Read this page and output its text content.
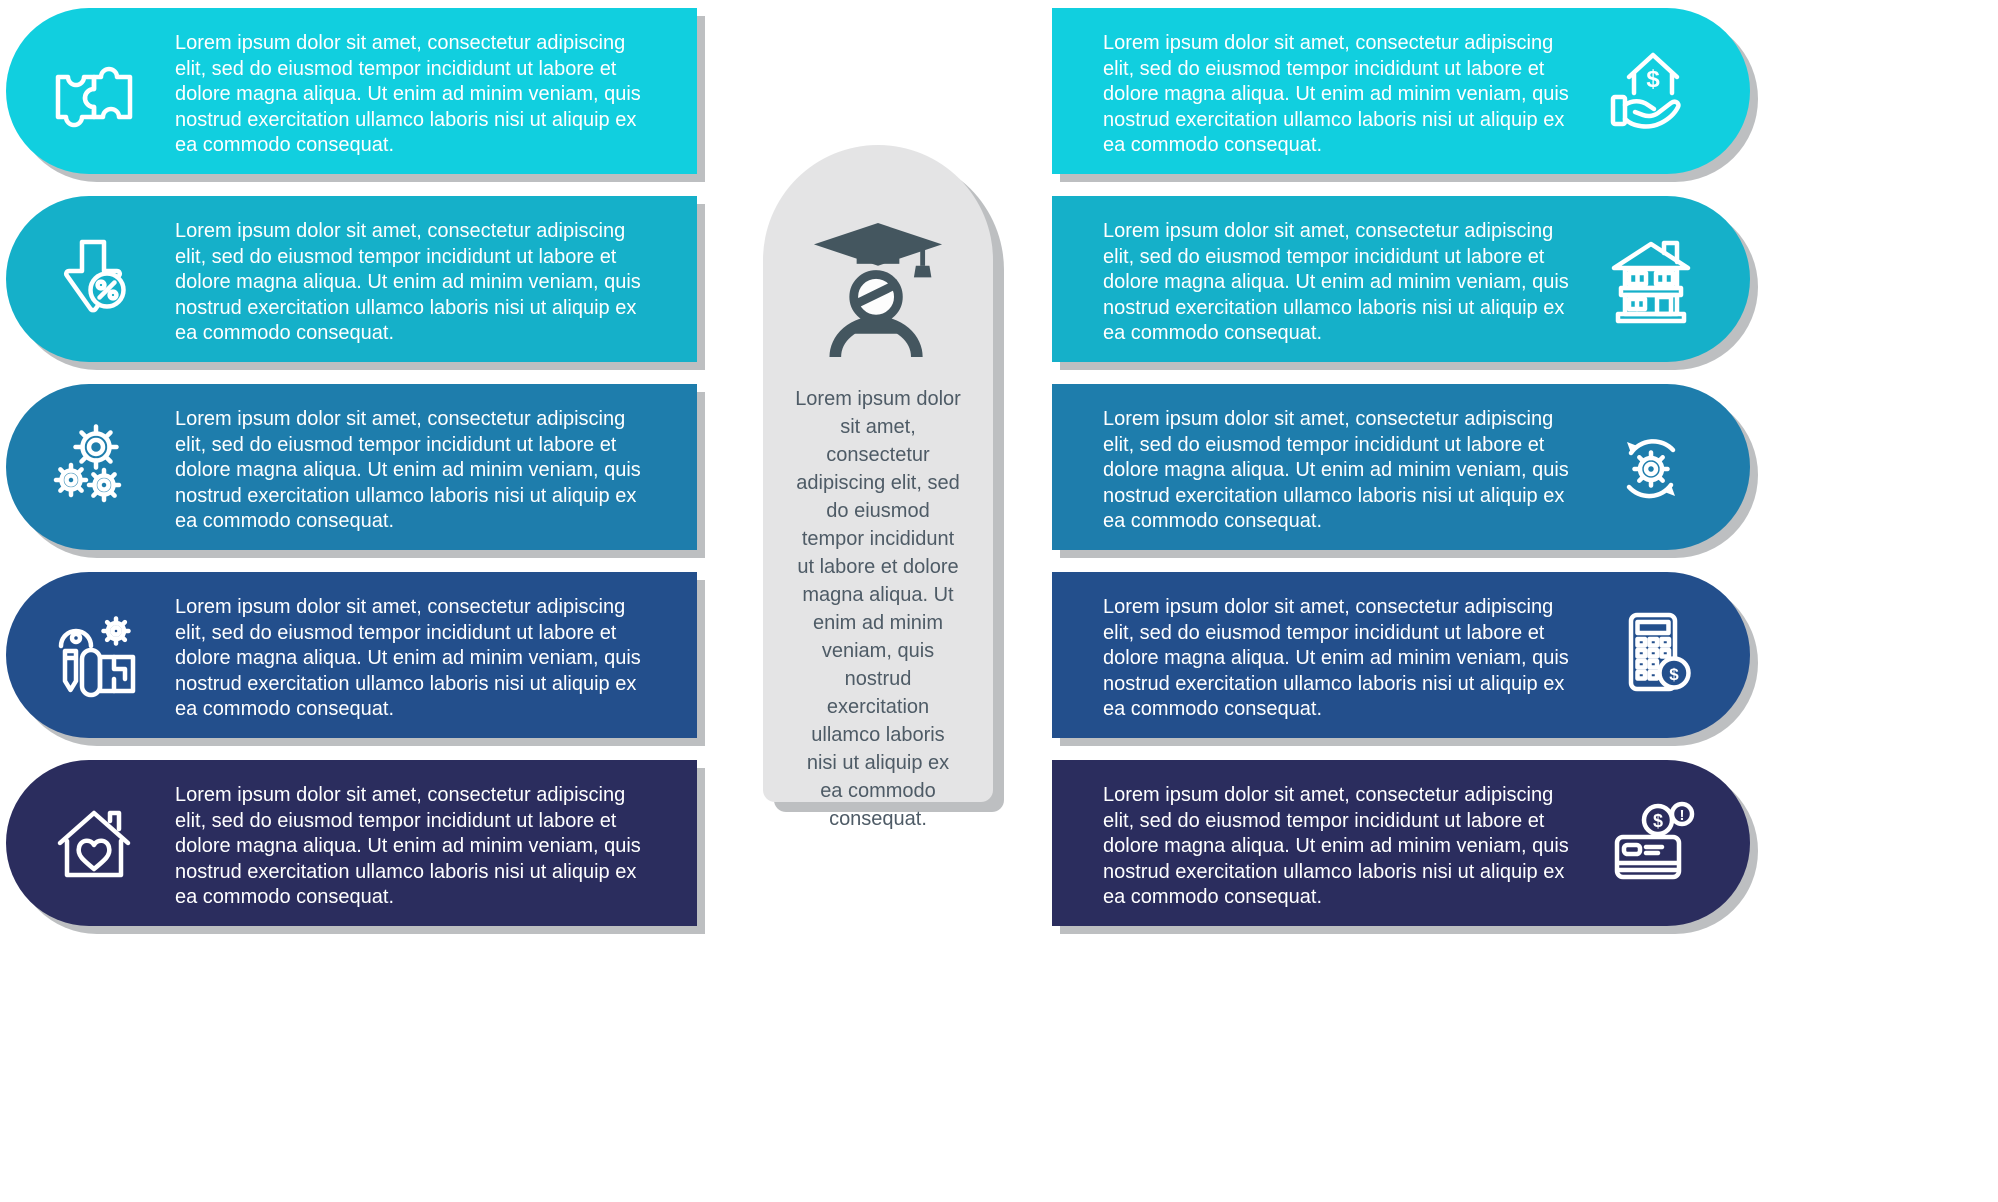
Lorem ipsum dolor sit amet, consectetur adipiscing elit, sed do eiusmod tempor incididunt ut labore et dolore magna aliqua. Ut enim ad minim veniam, quis nostrud exercitation ullamco laboris nisi ut aliquip ex ea commodo consequat.

Lorem ipsum dolor sit amet, consectetur adipiscing elit, sed do eiusmod tempor incididunt ut labore et dolore magna aliqua. Ut enim ad minim veniam, quis nostrud exercitation ullamco laboris nisi ut aliquip ex ea commodo consequat.

Lorem ipsum dolor sit amet, consectetur adipiscing elit, sed do eiusmod tempor incididunt ut labore et dolore magna aliqua. Ut enim ad minim veniam, quis nostrud exercitation ullamco laboris nisi ut aliquip ex ea commodo consequat.

Lorem ipsum dolor sit amet, consectetur adipiscing elit, sed do eiusmod tempor incididunt ut labore et dolore magna aliqua. Ut enim ad minim veniam, quis nostrud exercitation ullamco laboris nisi ut aliquip ex ea commodo consequat.

Lorem ipsum dolor sit amet, consectetur adipiscing elit, sed do eiusmod tempor incididunt ut labore et dolore magna aliqua. Ut enim ad minim veniam, quis nostrud exercitation ullamco laboris nisi ut aliquip ex ea commodo consequat.

Lorem ipsum dolor sit amet, consectetur adipiscing elit, sed do eiusmod tempor incididunt ut labore et dolore magna aliqua. Ut enim ad minim veniam, quis nostrud exercitation ullamco laboris nisi ut aliquip ex ea commodo consequat.

Lorem ipsum dolor sit amet, consectetur adipiscing elit, sed do eiusmod tempor incididunt ut labore et dolore magna aliqua. Ut enim ad minim veniam, quis nostrud exercitation ullamco laboris nisi ut aliquip ex ea commodo consequat.

$

Lorem ipsum dolor sit amet, consectetur adipiscing elit, sed do eiusmod tempor incididunt ut labore et dolore magna aliqua. Ut enim ad minim veniam, quis nostrud exercitation ullamco laboris nisi ut aliquip ex ea commodo consequat.

Lorem ipsum dolor sit amet, consectetur adipiscing elit, sed do eiusmod tempor incididunt ut labore et dolore magna aliqua. Ut enim ad minim veniam, quis nostrud exercitation ullamco laboris nisi ut aliquip ex ea commodo consequat.

Lorem ipsum dolor sit amet, consectetur adipiscing elit, sed do eiusmod tempor incididunt ut labore et dolore magna aliqua. Ut enim ad minim veniam, quis nostrud exercitation ullamco laboris nisi ut aliquip ex ea commodo consequat.

$

Lorem ipsum dolor sit amet, consectetur adipiscing elit, sed do eiusmod tempor incididunt ut labore et dolore magna aliqua. Ut enim ad minim veniam, quis nostrud exercitation ullamco laboris nisi ut aliquip ex ea commodo consequat.

$ !
